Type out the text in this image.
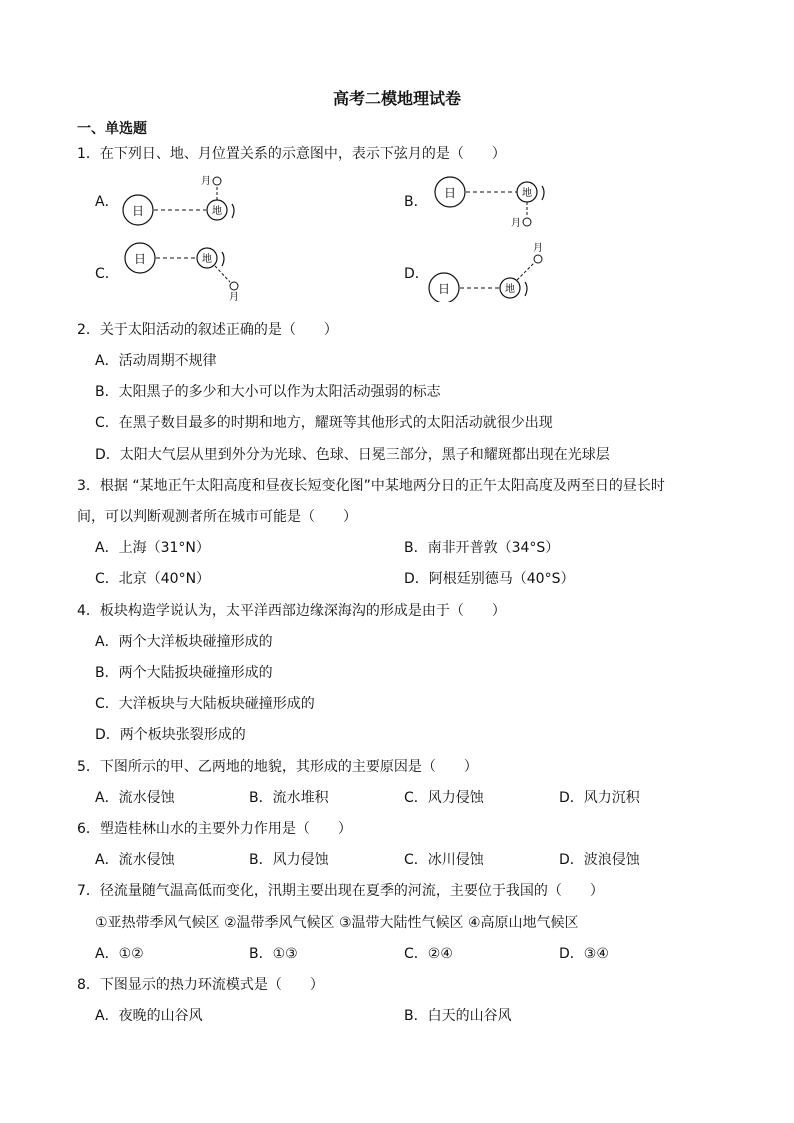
高考二模地理试卷
一、单选题
1．在下列日、地、月位置关系的示意图中，表示下弦月的是（　　）
A．
日	地
月
B．
日	地
月
C．
日	地
月
D．
日	地
月
2．关于太阳活动的叙述正确的是（　　）
A．活动周期不规律
B．太阳黑子的多少和大小可以作为太阳活动强弱的标志
C．在黑子数目最多的时期和地方，耀斑等其他形式的太阳活动就很少出现
D．太阳大气层从里到外分为光球、色球、日冕三部分，黑子和耀斑都出现在光球层
3．根据 “某地正午太阳高度和昼夜长短变化图”中某地两分日的正午太阳高度及两至日的昼长时
间，可以判断观测者所在城市可能是（　　）
A．上海（31°N）	B．南非开普敦（34°S）
C．北京（40°N）	D．阿根廷别德马（40°S）
4．板块构造学说认为，太平洋西部边缘深海沟的形成是由于（　　）
A．两个大洋板块碰撞形成的
B．两个大陆扳块碰撞形成的
C．大洋板块与大陆板块碰撞形成的
D．两个板块张裂形成的
5．下图所示的甲、乙两地的地貌，其形成的主要原因是（　　）
A．流水侵蚀	B．流水堆积	C．风力侵蚀	D．风力沉积
6．塑造桂林山水的主要外力作用是（　　）
A．流水侵蚀	B．风力侵蚀	C．冰川侵蚀	D．波浪侵蚀
7．径流量随气温高低而变化，汛期主要出现在夏季的河流，主要位于我国的（　　）
①亚热带季风气候区 ②温带季风气候区 ③温带大陆性气候区 ④高原山地气候区
A．①②	B．①③	C．②④	D．③④
8．下图显示的热力环流模式是（　　）
A．夜晚的山谷风	B．白天的山谷风
